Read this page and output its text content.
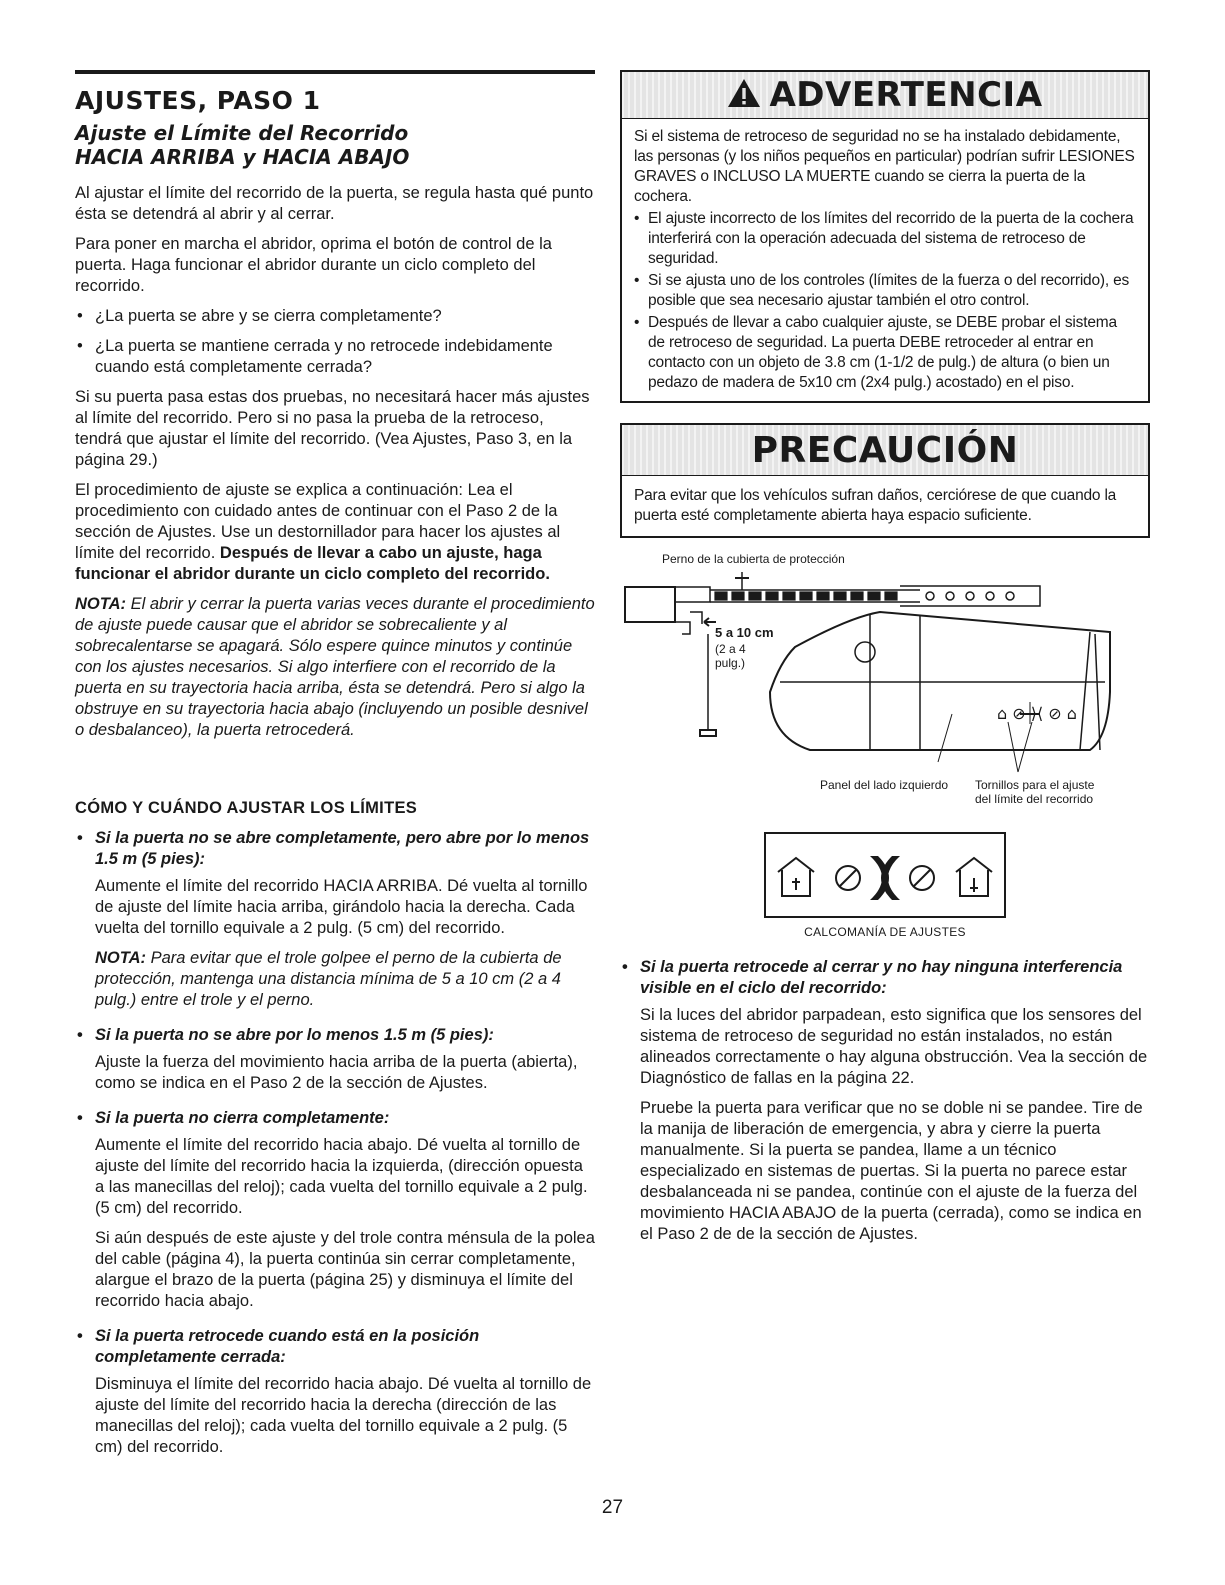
AJUSTES, PASO 1
Ajuste el Límite del Recorrido
HACIA ARRIBA y HACIA ABAJO

Al ajustar el límite del recorrido de la puerta, se regula hasta qué punto ésta se detendrá al abrir y al cerrar.

Para poner en marcha el abridor, oprima el botón de control de la puerta. Haga funcionar el abridor durante un ciclo completo del recorrido.

• ¿La puerta se abre y se cierra completamente?
• ¿La puerta se mantiene cerrada y no retrocede indebidamente cuando está completamente cerrada?

Si su puerta pasa estas dos pruebas, no necesitará hacer más ajustes al límite del recorrido. Pero si no pasa la prueba de la retroceso, tendrá que ajustar el límite del recorrido. (Vea Ajustes, Paso 3, en la página 29.)

El procedimiento de ajuste se explica a continuación: Lea el procedimiento con cuidado antes de continuar con el Paso 2 de la sección de Ajustes. Use un destornillador para hacer los ajustes al límite del recorrido. Después de llevar a cabo un ajuste, haga funcionar el abridor durante un ciclo completo del recorrido.

NOTA: El abrir y cerrar la puerta varias veces durante el procedimiento de ajuste puede causar que el abridor se sobrecaliente y al sobrecalentarse se apagará. Sólo espere quince minutos y continúe con los ajustes necesarios. Si algo interfiere con el recorrido de la puerta en su trayectoria hacia arriba, ésta se detendrá. Pero si algo la obstruye en su trayectoria hacia abajo (incluyendo un posible desnivel o desbalanceo), la puerta retrocederá.

CÓMO Y CUÁNDO AJUSTAR LOS LÍMITES
• Si la puerta no se abre completamente, pero abre por lo menos 1.5 m (5 pies):
Aumente el límite del recorrido HACIA ARRIBA. Dé vuelta al tornillo de ajuste del límite hacia arriba, girándolo hacia la derecha. Cada vuelta del tornillo equivale a 2 pulg. (5 cm) del recorrido.
NOTA: Para evitar que el trole golpee el perno de la cubierta de protección, mantenga una distancia mínima de 5 a 10 cm (2 a 4 pulg.) entre el trole y el perno.
• Si la puerta no se abre por lo menos 1.5 m (5 pies):
Ajuste la fuerza del movimiento hacia arriba de la puerta (abierta), como se indica en el Paso 2 de la sección de Ajustes.
• Si la puerta no cierra completamente:
Aumente el límite del recorrido hacia abajo. Dé vuelta al tornillo de ajuste del límite del recorrido hacia la izquierda, (dirección opuesta a las manecillas del reloj); cada vuelta del tornillo equivale a 2 pulg. (5 cm) del recorrido.
Si aún después de este ajuste y del trole contra ménsula de la polea del cable (página 4), la puerta continúa sin cerrar completamente, alargue el brazo de la puerta (página 25) y disminuya el límite del recorrido hacia abajo.
• Si la puerta retrocede cuando está en la posición completamente cerrada:
Disminuya el límite del recorrido hacia abajo. Dé vuelta al tornillo de ajuste del límite del recorrido hacia la derecha (dirección de las manecillas del reloj); cada vuelta del tornillo equivale a 2 pulg. (5 cm) del recorrido.
ADVERTENCIA

Si el sistema de retroceso de seguridad no se ha instalado debidamente, las personas (y los niños pequeños en particular) podrían sufrir LESIONES GRAVES o INCLUSO LA MUERTE cuando se cierra la puerta de la cochera.

• El ajuste incorrecto de los límites del recorrido de la puerta de la cochera interferirá con la operación adecuada del sistema de retroceso de seguridad.
• Si se ajusta uno de los controles (límites de la fuerza o del recorrido), es posible que sea necesario ajustar también el otro control.
• Después de llevar a cabo cualquier ajuste, se DEBE probar el sistema de retroceso de seguridad. La puerta DEBE retroceder al entrar en contacto con un objeto de 3.8 cm (1-1/2 de pulg.) de altura (o bien un pedazo de madera de 5x10 cm (2x4 pulg.) acostado) en el piso.
PRECAUCIÓN

Para evitar que los vehículos sufran daños, cerciórese de que cuando la puerta esté completamente abierta haya espacio suficiente.

⌂ ⊘ ⟩⟨ ⊘ ⌂
Perno de la cubierta de protección
5 a 10 cm
(2 a 4
pulg.)
Panel del lado izquierdo Tornillos para el ajuste
del límite del recorrido
CALCOMANÍA DE AJUSTES
• Si la puerta retrocede al cerrar y no hay ninguna interferencia visible en el ciclo del recorrido:
Si la luces del abridor parpadean, esto significa que los sensores del sistema de retroceso de seguridad no están instalados, no están alineados correctamente o hay alguna obstrucción. Vea la sección de Diagnóstico de fallas en la página 22.
Pruebe la puerta para verificar que no se doble ni se pandee. Tire de la manija de liberación de emergencia, y abra y cierre la puerta manualmente. Si la puerta se pandea, llame a un técnico especializado en sistemas de puertas. Si la puerta no parece estar desbalanceada ni se pandea, continúe con el ajuste de la fuerza del movimiento HACIA ABAJO de la puerta (cerrada), como se indica en el Paso 2 de de la sección de Ajustes.
27
